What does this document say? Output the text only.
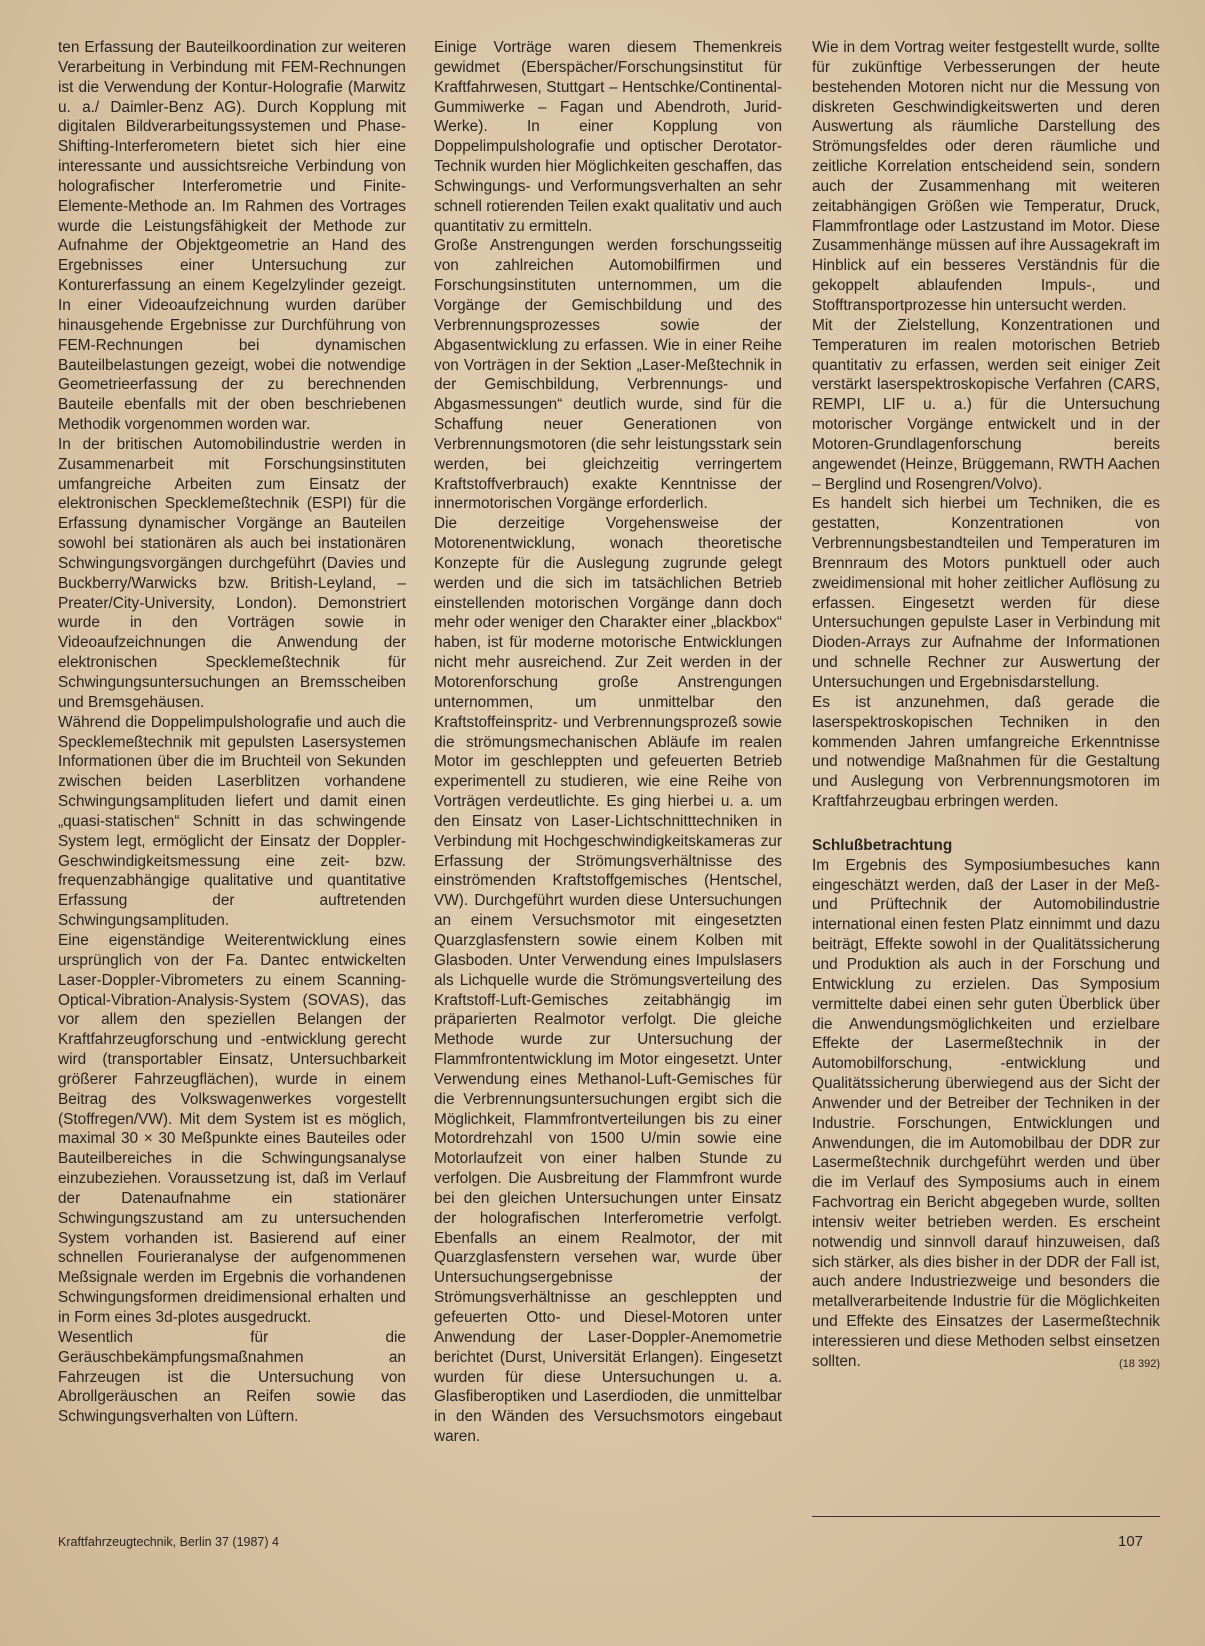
ten Erfassung der Bauteilkoordination zur weiteren Verarbeitung in Verbindung mit FEM-Rechnungen ist die Verwendung der Kontur-Holografie (Marwitz u. a./ Daimler-Benz AG). Durch Kopplung mit digitalen Bildverarbeitungssystemen und Phase-Shifting-Interferometern bietet sich hier eine interessante und aussichtsreiche Verbindung von holografischer Interferometrie und Finite-Elemente-Methode an. Im Rahmen des Vortrages wurde die Leistungsfähigkeit der Methode zur Aufnahme der Objektgeometrie an Hand des Ergebnisses einer Untersuchung zur Konturerfassung an einem Kegelzylinder gezeigt. In einer Videoaufzeichnung wurden darüber hinausgehende Ergebnisse zur Durchführung von FEM-Rechnungen bei dynamischen Bauteilbelastungen gezeigt, wobei die notwendige Geometrieerfassung der zu berechnenden Bauteile ebenfalls mit der oben beschriebenen Methodik vorgenommen worden war.

In der britischen Automobilindustrie werden in Zusammenarbeit mit Forschungsinstituten umfangreiche Arbeiten zum Einsatz der elektronischen Specklemeßtechnik (ESPI) für die Erfassung dynamischer Vorgänge an Bauteilen sowohl bei stationären als auch bei instationären Schwingungsvorgängen durchgeführt (Davies und Buckberry/Warwicks bzw. British-Leyland, – Preater/City-University, London). Demonstriert wurde in den Vorträgen sowie in Videoaufzeichnungen die Anwendung der elektronischen Specklemeßtechnik für Schwingungsuntersuchungen an Bremsscheiben und Bremsgehäusen.

Während die Doppelimpulsholografie und auch die Specklemeßtechnik mit gepulsten Lasersystemen Informationen über die im Bruchteil von Sekunden zwischen beiden Laserblitzen vorhandene Schwingungsamplituden liefert und damit einen „quasi-statischen“ Schnitt in das schwingende System legt, ermöglicht der Einsatz der Doppler-Geschwindigkeitsmessung eine zeit- bzw. frequenzabhängige qualitative und quantitative Erfassung der auftretenden Schwingungsamplituden.

Eine eigenständige Weiterentwicklung eines ursprünglich von der Fa. Dantec entwickelten Laser-Doppler-Vibrometers zu einem Scanning-Optical-Vibration-Analysis-System (SOVAS), das vor allem den speziellen Belangen der Kraftfahrzeugforschung und -entwicklung gerecht wird (transportabler Einsatz, Untersuchbarkeit größerer Fahrzeugflächen), wurde in einem Beitrag des Volkswagenwerkes vorgestellt (Stoffregen/VW). Mit dem System ist es möglich, maximal 30 × 30 Meßpunkte eines Bauteiles oder Bauteilbereiches in die Schwingungsanalyse einzubeziehen. Voraussetzung ist, daß im Verlauf der Datenaufnahme ein stationärer Schwingungszustand am zu untersuchenden System vorhanden ist. Basierend auf einer schnellen Fourieranalyse der aufgenommenen Meßsignale werden im Ergebnis die vorhandenen Schwingungsformen dreidimensional erhalten und in Form eines 3d-plotes ausgedruckt.

Wesentlich für die Geräuschbekämpfungsmaßnahmen an Fahrzeugen ist die Untersuchung von Abrollgeräuschen an Reifen sowie das Schwingungsverhalten von Lüftern.

Einige Vorträge waren diesem Themenkreis gewidmet (Eberspächer/Forschungsinstitut für Kraftfahrwesen, Stuttgart – Hentschke/Continental-Gummiwerke – Fagan und Abendroth, Jurid-Werke). In einer Kopplung von Doppelimpulsholografie und optischer Derotator-Technik wurden hier Möglichkeiten geschaffen, das Schwingungs- und Verformungsverhalten an sehr schnell rotierenden Teilen exakt qualitativ und auch quantitativ zu ermitteln.

Große Anstrengungen werden forschungsseitig von zahlreichen Automobilfirmen und Forschungsinstituten unternommen, um die Vorgänge der Gemischbildung und des Verbrennungsprozesses sowie der Abgasentwicklung zu erfassen. Wie in einer Reihe von Vorträgen in der Sektion „Laser-Meßtechnik in der Gemischbildung, Verbrennungs- und Abgasmessungen“ deutlich wurde, sind für die Schaffung neuer Generationen von Verbrennungsmotoren (die sehr leistungsstark sein werden, bei gleichzeitig verringertem Kraftstoffverbrauch) exakte Kenntnisse der innermotorischen Vorgänge erforderlich.

Die derzeitige Vorgehensweise der Motorenentwicklung, wonach theoretische Konzepte für die Auslegung zugrunde gelegt werden und die sich im tatsächlichen Betrieb einstellenden motorischen Vorgänge dann doch mehr oder weniger den Charakter einer „blackbox“ haben, ist für moderne motorische Entwicklungen nicht mehr ausreichend. Zur Zeit werden in der Motorenforschung große Anstrengungen unternommen, um unmittelbar den Kraftstoffeinspritz- und Verbrennungsprozeß sowie die strömungsmechanischen Abläufe im realen Motor im geschleppten und gefeuerten Betrieb experimentell zu studieren, wie eine Reihe von Vorträgen verdeutlichte. Es ging hierbei u. a. um den Einsatz von Laser-Lichtschnitttechniken in Verbindung mit Hochgeschwindigkeitskameras zur Erfassung der Strömungsverhältnisse des einströmenden Kraftstoffgemisches (Hentschel, VW). Durchgeführt wurden diese Untersuchungen an einem Versuchsmotor mit eingesetzten Quarzglasfenstern sowie einem Kolben mit Glasboden. Unter Verwendung eines Impulslasers als Lichquelle wurde die Strömungsverteilung des Kraftstoff-Luft-Gemisches zeitabhängig im präparierten Realmotor verfolgt. Die gleiche Methode wurde zur Untersuchung der Flammfrontentwicklung im Motor eingesetzt. Unter Verwendung eines Methanol-Luft-Gemisches für die Verbrennungsuntersuchungen ergibt sich die Möglichkeit, Flammfrontverteilungen bis zu einer Motordrehzahl von 1500 U/min sowie eine Motorlaufzeit von einer halben Stunde zu verfolgen. Die Ausbreitung der Flammfront wurde bei den gleichen Untersuchungen unter Einsatz der holografischen Interferometrie verfolgt. Ebenfalls an einem Realmotor, der mit Quarzglasfenstern versehen war, wurde über Untersuchungsergebnisse der Strömungsverhältnisse an geschleppten und gefeuerten Otto- und Diesel-Motoren unter Anwendung der Laser-Doppler-Anemometrie berichtet (Durst, Universität Erlangen). Eingesetzt wurden für diese Untersuchungen u. a. Glasfiberoptiken und Laserdioden, die unmittelbar in den Wänden des Versuchsmotors eingebaut waren.

Wie in dem Vortrag weiter festgestellt wurde, sollte für zukünftige Verbesserungen der heute bestehenden Motoren nicht nur die Messung von diskreten Geschwindigkeitswerten und deren Auswertung als räumliche Darstellung des Strömungsfeldes oder deren räumliche und zeitliche Korrelation entscheidend sein, sondern auch der Zusammenhang mit weiteren zeitabhängigen Größen wie Temperatur, Druck, Flammfrontlage oder Lastzustand im Motor. Diese Zusammenhänge müssen auf ihre Aussagekraft im Hinblick auf ein besseres Verständnis für die gekoppelt ablaufenden Impuls-, und Stofftransportprozesse hin untersucht werden.

Mit der Zielstellung, Konzentrationen und Temperaturen im realen motorischen Betrieb quantitativ zu erfassen, werden seit einiger Zeit verstärkt laserspektroskopische Verfahren (CARS, REMPI, LIF u. a.) für die Untersuchung motorischer Vorgänge entwickelt und in der Motoren-Grundlagenforschung bereits angewendet (Heinze, Brüggemann, RWTH Aachen – Berglind und Rosengren/Volvo).

Es handelt sich hierbei um Techniken, die es gestatten, Konzentrationen von Verbrennungsbestandteilen und Temperaturen im Brennraum des Motors punktuell oder auch zweidimensional mit hoher zeitlicher Auflösung zu erfassen. Eingesetzt werden für diese Untersuchungen gepulste Laser in Verbindung mit Dioden-Arrays zur Aufnahme der Informationen und schnelle Rechner zur Auswertung der Untersuchungen und Ergebnisdarstellung.

Es ist anzunehmen, daß gerade die laserspektroskopischen Techniken in den kommenden Jahren umfangreiche Erkenntnisse und notwendige Maßnahmen für die Gestaltung und Auslegung von Verbrennungsmotoren im Kraftfahrzeugbau erbringen werden.

Schlußbetrachtung

Im Ergebnis des Symposiumbesuches kann eingeschätzt werden, daß der Laser in der Meß- und Prüftechnik der Automobilindustrie international einen festen Platz einnimmt und dazu beiträgt, Effekte sowohl in der Qualitätssicherung und Produktion als auch in der Forschung und Entwicklung zu erzielen. Das Symposium vermittelte dabei einen sehr guten Überblick über die Anwendungsmöglichkeiten und erzielbare Effekte der Lasermeßtechnik in der Automobilforschung, -entwicklung und Qualitätssicherung überwiegend aus der Sicht der Anwender und der Betreiber der Techniken in der Industrie. Forschungen, Entwicklungen und Anwendungen, die im Automobilbau der DDR zur Lasermeßtechnik durchgeführt werden und über die im Verlauf des Symposiums auch in einem Fachvortrag ein Bericht abgegeben wurde, sollten intensiv weiter betrieben werden. Es erscheint notwendig und sinnvoll darauf hinzuweisen, daß sich stärker, als dies bisher in der DDR der Fall ist, auch andere Industriezweige und besonders die metallverarbeitende Industrie für die Möglichkeiten und Effekte des Einsatzes der Lasermeßtechnik interessieren und diese Methoden selbst einsetzen sollten.	(18 392)

Kraftfahrzeugtechnik, Berlin 37 (1987) 4	107
